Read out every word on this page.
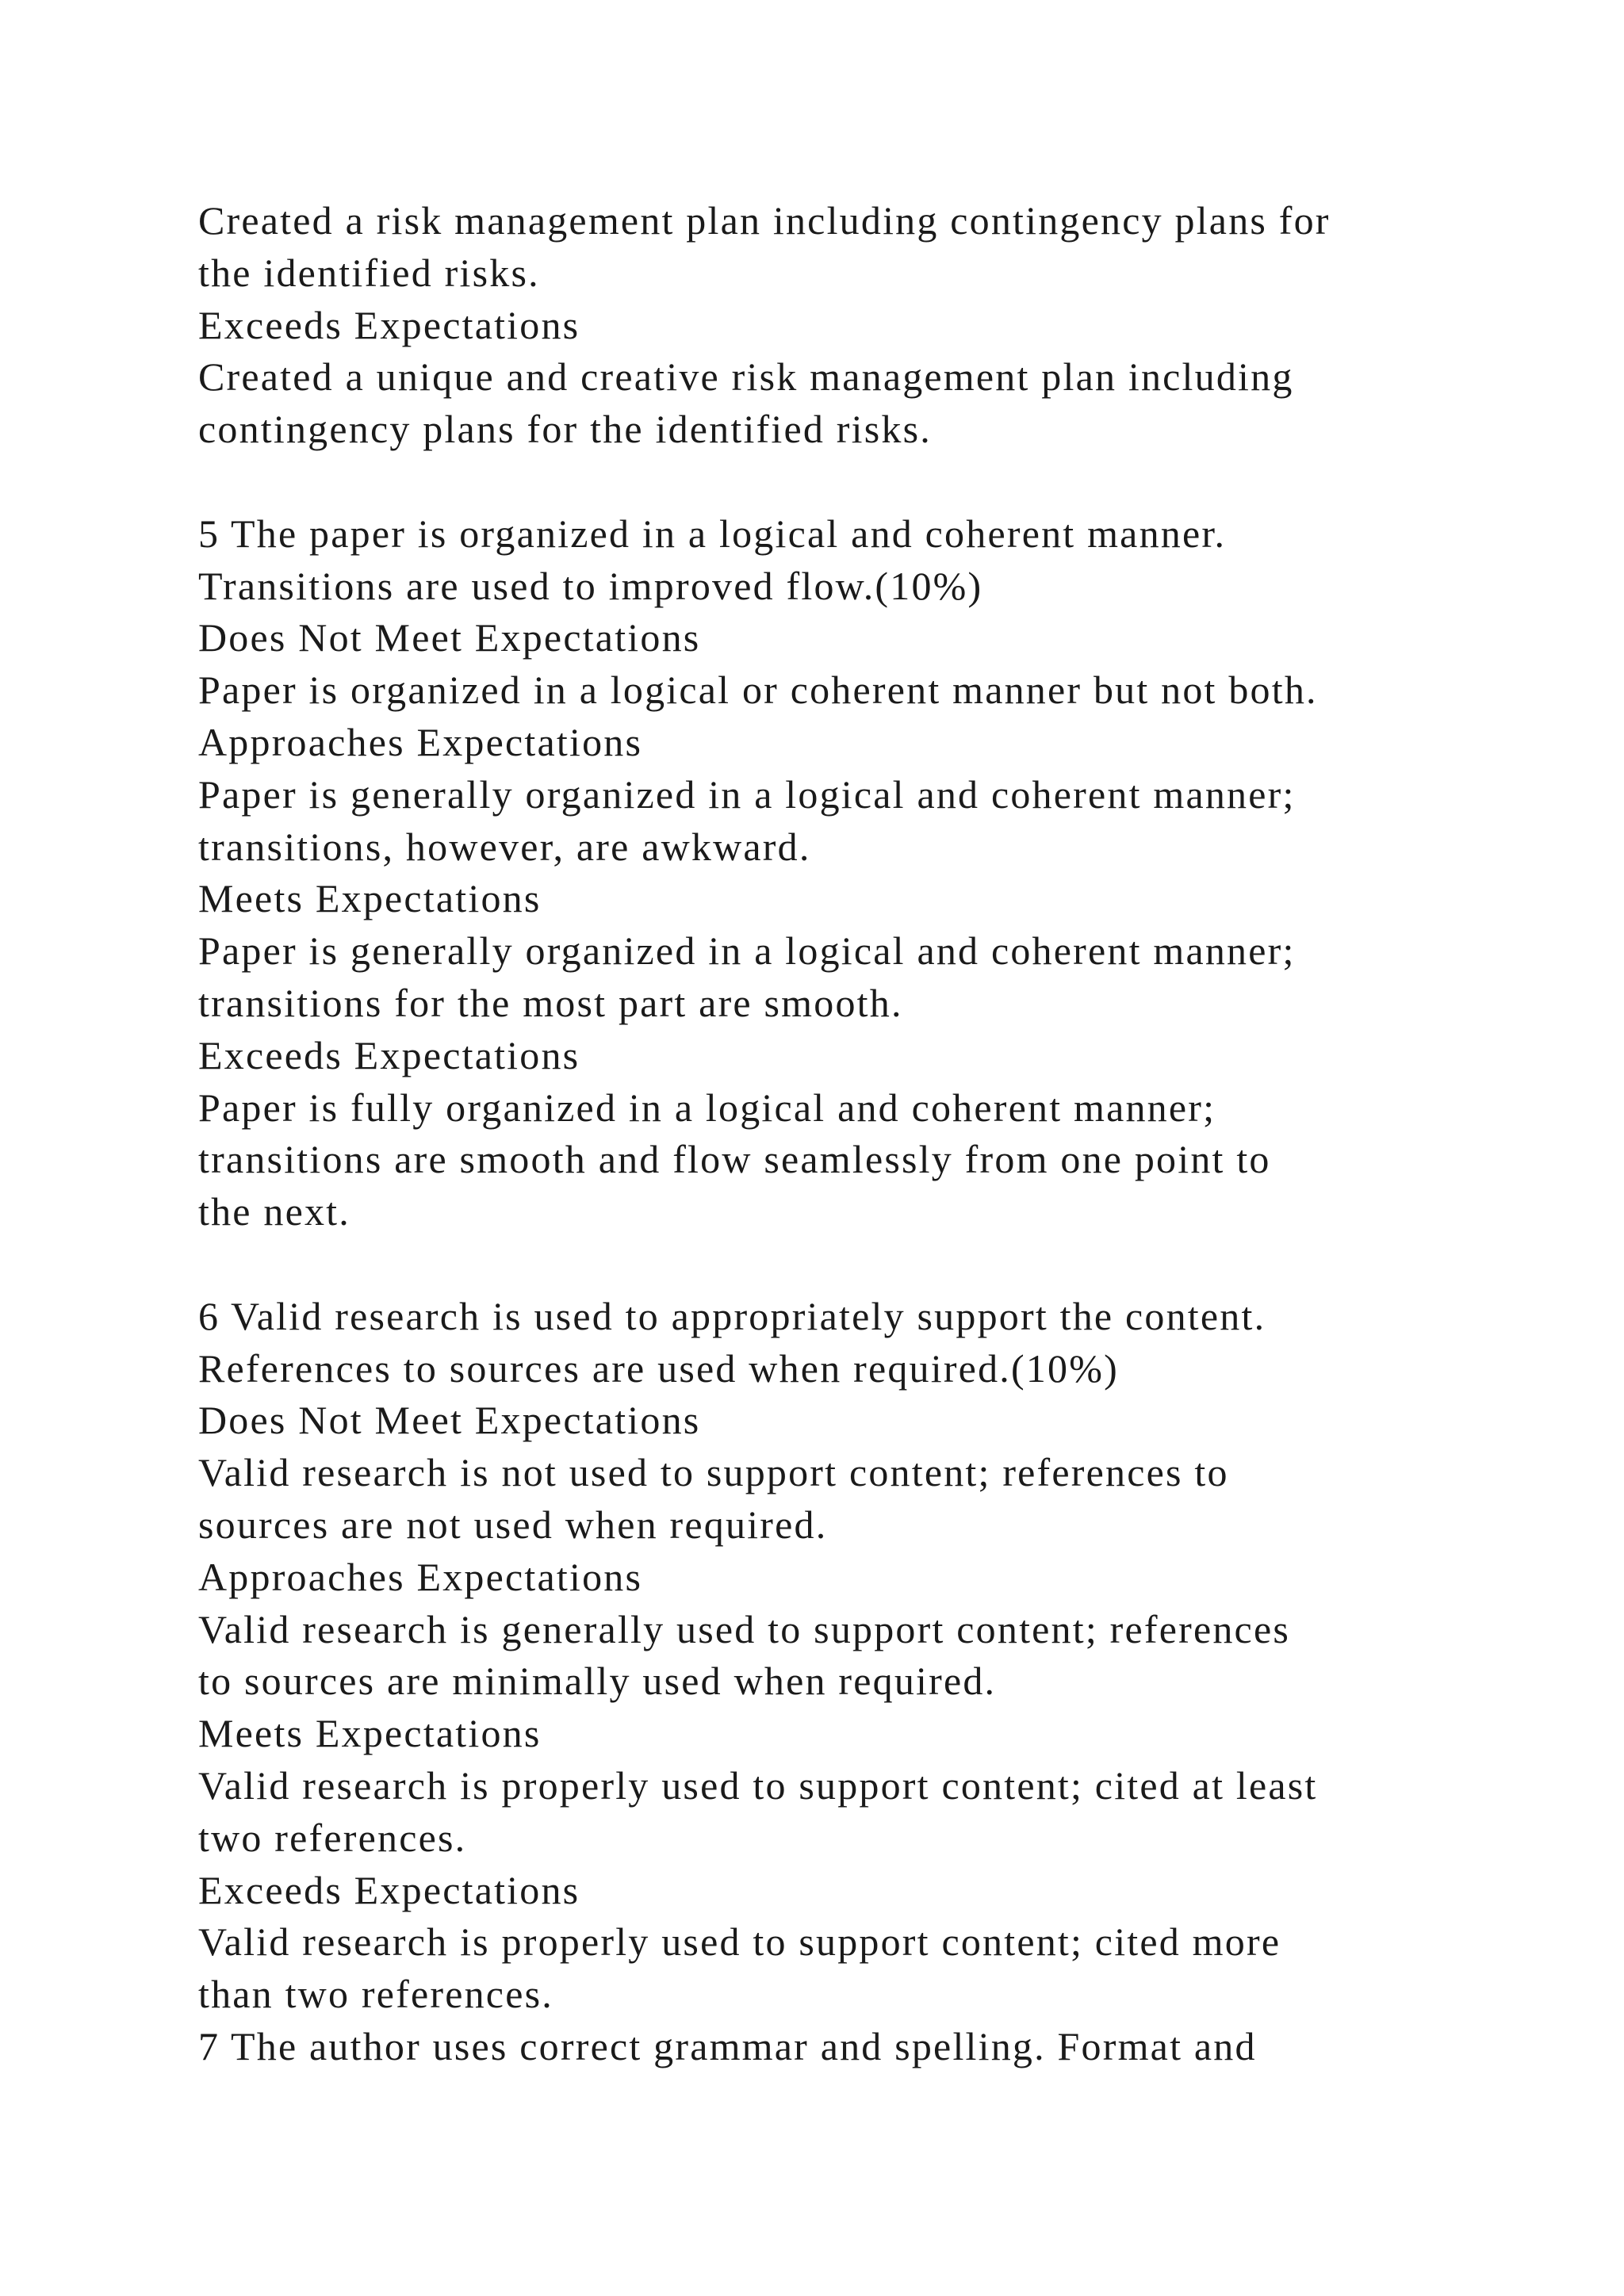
Created a risk management plan including contingency plans for
the identified risks.
Exceeds Expectations
Created a unique and creative risk management plan including
contingency plans for the identified risks.
5 The paper is organized in a logical and coherent manner.
Transitions are used to improved flow.(10%)
Does Not Meet Expectations
Paper is organized in a logical or coherent manner but not both.
Approaches Expectations
Paper is generally organized in a logical and coherent manner;
transitions, however, are awkward.
Meets Expectations
Paper is generally organized in a logical and coherent manner;
transitions for the most part are smooth.
Exceeds Expectations
Paper is fully organized in a logical and coherent manner;
transitions are smooth and flow seamlessly from one point to
the next.
6 Valid research is used to appropriately support the content.
References to sources are used when required.(10%)
Does Not Meet Expectations
Valid research is not used to support content; references to
sources are not used when required.
Approaches Expectations
Valid research is generally used to support content; references
to sources are minimally used when required.
Meets Expectations
Valid research is properly used to support content; cited at least
two references.
Exceeds Expectations
Valid research is properly used to support content; cited more
than two references.
7 The author uses correct grammar and spelling. Format and
